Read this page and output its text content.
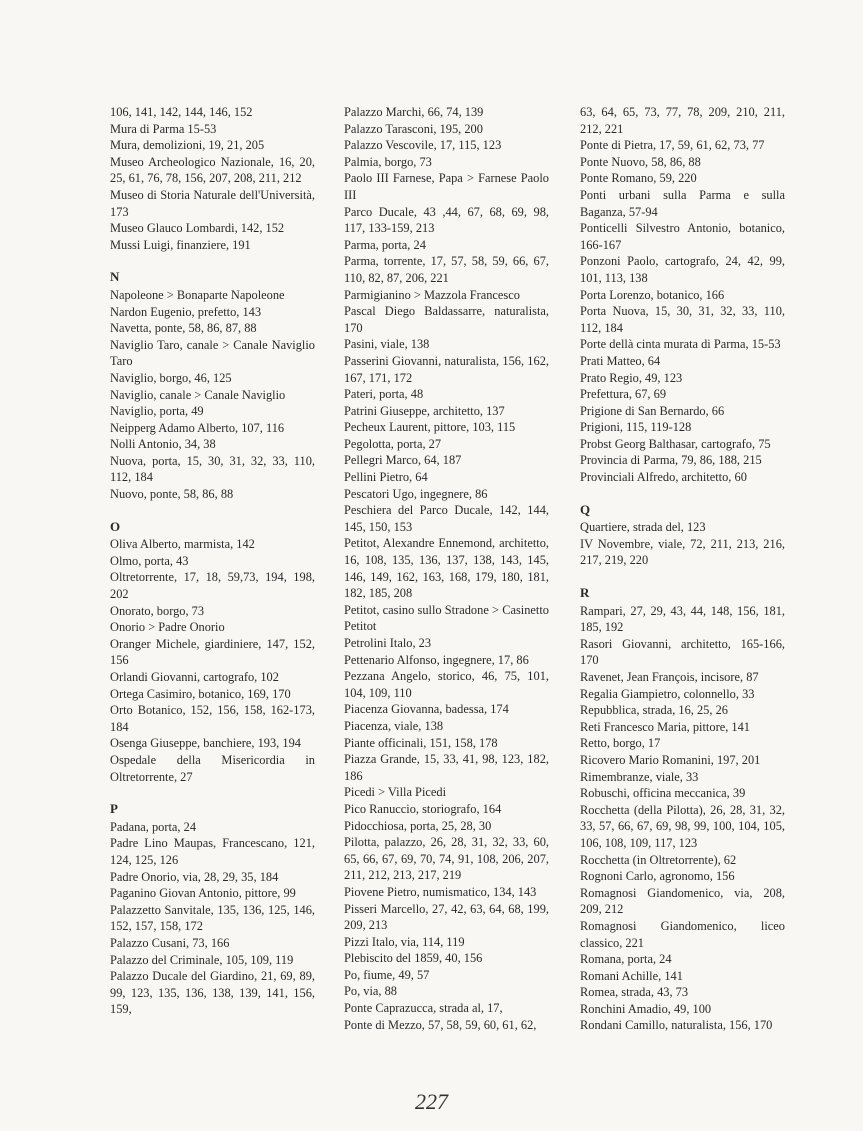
106, 141, 142, 144, 146, 152
Mura di Parma 15-53
Mura, demolizioni, 19, 21, 205
Museo Archeologico Nazionale, 16, 20, 25, 61, 76, 78, 156, 207, 208, 211, 212
Museo di Storia Naturale dell'Università, 173
Museo Glauco Lombardi, 142, 152
Mussi Luigi, finanziere, 191
N
Napoleone > Bonaparte Napoleone
Nardon Eugenio, prefetto, 143
Navetta, ponte, 58, 86, 87, 88
Naviglio Taro, canale > Canale Naviglio Taro
Naviglio, borgo, 46, 125
Naviglio, canale > Canale Naviglio
Naviglio, porta, 49
Neipperg Adamo Alberto, 107, 116
Nolli Antonio, 34, 38
Nuova, porta, 15, 30, 31, 32, 33, 110, 112, 184
Nuovo, ponte, 58, 86, 88
O
Oliva Alberto, marmista, 142
Olmo, porta, 43
Oltretorrente, 17, 18, 59,73, 194, 198, 202
Onorato, borgo, 73
Onorio > Padre Onorio
Oranger Michele, giardiniere, 147, 152, 156
Orlandi Giovanni, cartografo, 102
Ortega Casimiro, botanico, 169, 170
Orto Botanico, 152, 156, 158, 162-173, 184
Osenga Giuseppe, banchiere, 193, 194
Ospedale della Misericordia in Oltretorrente, 27
P
Padana, porta, 24
Padre Lino Maupas, Francescano, 121, 124, 125, 126
Padre Onorio, via, 28, 29, 35, 184
Paganino Giovan Antonio, pittore, 99
Palazzetto Sanvitale, 135, 136, 125, 146, 152, 157, 158, 172
Palazzo Cusani, 73, 166
Palazzo del Criminale, 105, 109, 119
Palazzo Ducale del Giardino, 21, 69, 89, 99, 123, 135, 136, 138, 139, 141, 156, 159,
Palazzo Marchi, 66, 74, 139
Palazzo Tarasconi, 195, 200
Palazzo Vescovile, 17, 115, 123
Palmia, borgo, 73
Paolo III Farnese, Papa > Farnese Paolo III
Parco Ducale, 43 ,44, 67, 68, 69, 98, 117, 133-159, 213
Parma, porta, 24
Parma, torrente, 17, 57, 58, 59, 66, 67, 110, 82, 87, 206, 221
Parmigianino > Mazzola Francesco
Pascal Diego Baldassarre, naturalista, 170
Pasini, viale, 138
Passerini Giovanni, naturalista, 156, 162, 167, 171, 172
Pateri, porta, 48
Patrini Giuseppe, architetto, 137
Pecheux Laurent, pittore, 103, 115
Pegolotta, porta, 27
Pellegri Marco, 64, 187
Pellini Pietro, 64
Pescatori Ugo, ingegnere, 86
Peschiera del Parco Ducale, 142, 144, 145, 150, 153
Petitot, Alexandre Ennemond, architetto, 16, 108, 135, 136, 137, 138, 143, 145, 146, 149, 162, 163, 168, 179, 180, 181, 182, 185, 208
Petitot, casino sullo Stradone > Casinetto Petitot
Petrolini Italo, 23
Pettenario Alfonso, ingegnere, 17, 86
Pezzana Angelo, storico, 46, 75, 101, 104, 109, 110
Piacenza Giovanna, badessa, 174
Piacenza, viale, 138
Piante officinali, 151, 158, 178
Piazza Grande, 15, 33, 41, 98, 123, 182, 186
Picedi > Villa Picedi
Pico Ranuccio, storiografo, 164
Pidocchiosa, porta, 25, 28, 30
Pilotta, palazzo, 26, 28, 31, 32, 33, 60, 65, 66, 67, 69, 70, 74, 91, 108, 206, 207, 211, 212, 213, 217, 219
Piovene Pietro, numismatico, 134, 143
Pisseri Marcello, 27, 42, 63, 64, 68, 199, 209, 213
Pizzi Italo, via, 114, 119
Plebiscito del 1859, 40, 156
Po, fiume, 49, 57
Po, via, 88
Ponte Caprazucca, strada al, 17,
Ponte di Mezzo, 57, 58, 59, 60, 61, 62,
63, 64, 65, 73, 77, 78, 209, 210, 211, 212, 221
Ponte di Pietra, 17, 59, 61, 62, 73, 77
Ponte Nuovo, 58, 86, 88
Ponte Romano, 59, 220
Ponti urbani sulla Parma e sulla Baganza, 57-94
Ponticelli Silvestro Antonio, botanico, 166-167
Ponzoni Paolo, cartografo, 24, 42, 99, 101, 113, 138
Porta Lorenzo, botanico, 166
Porta Nuova, 15, 30, 31, 32, 33, 110, 112, 184
Porte dellà cinta murata di Parma, 15-53
Prati Matteo, 64
Prato Regio, 49, 123
Prefettura, 67, 69
Prigione di San Bernardo, 66
Prigioni, 115, 119-128
Probst Georg Balthasar, cartografo, 75
Provincia di Parma, 79, 86, 188, 215
Provinciali Alfredo, architetto, 60
Q
Quartiere, strada del, 123
IV Novembre, viale, 72, 211, 213, 216, 217, 219, 220
R
Rampari, 27, 29, 43, 44, 148, 156, 181, 185, 192
Rasori Giovanni, architetto, 165-166, 170
Ravenet, Jean François, incisore, 87
Regalia Giampietro, colonnello, 33
Repubblica, strada, 16, 25, 26
Reti Francesco Maria, pittore, 141
Retto, borgo, 17
Ricovero Mario Romanini, 197, 201
Rimembranze, viale, 33
Robuschi, officina meccanica, 39
Rocchetta (della Pilotta), 26, 28, 31, 32, 33, 57, 66, 67, 69, 98, 99, 100, 104, 105, 106, 108, 109, 117, 123
Rocchetta (in Oltretorrente), 62
Rognoni Carlo, agronomo, 156
Romagnosi Giandomenico, via, 208, 209, 212
Romagnosi Giandomenico, liceo classico, 221
Romana, porta, 24
Romani Achille, 141
Romea, strada, 43, 73
Ronchini Amadio, 49, 100
Rondani Camillo, naturalista, 156, 170
227
